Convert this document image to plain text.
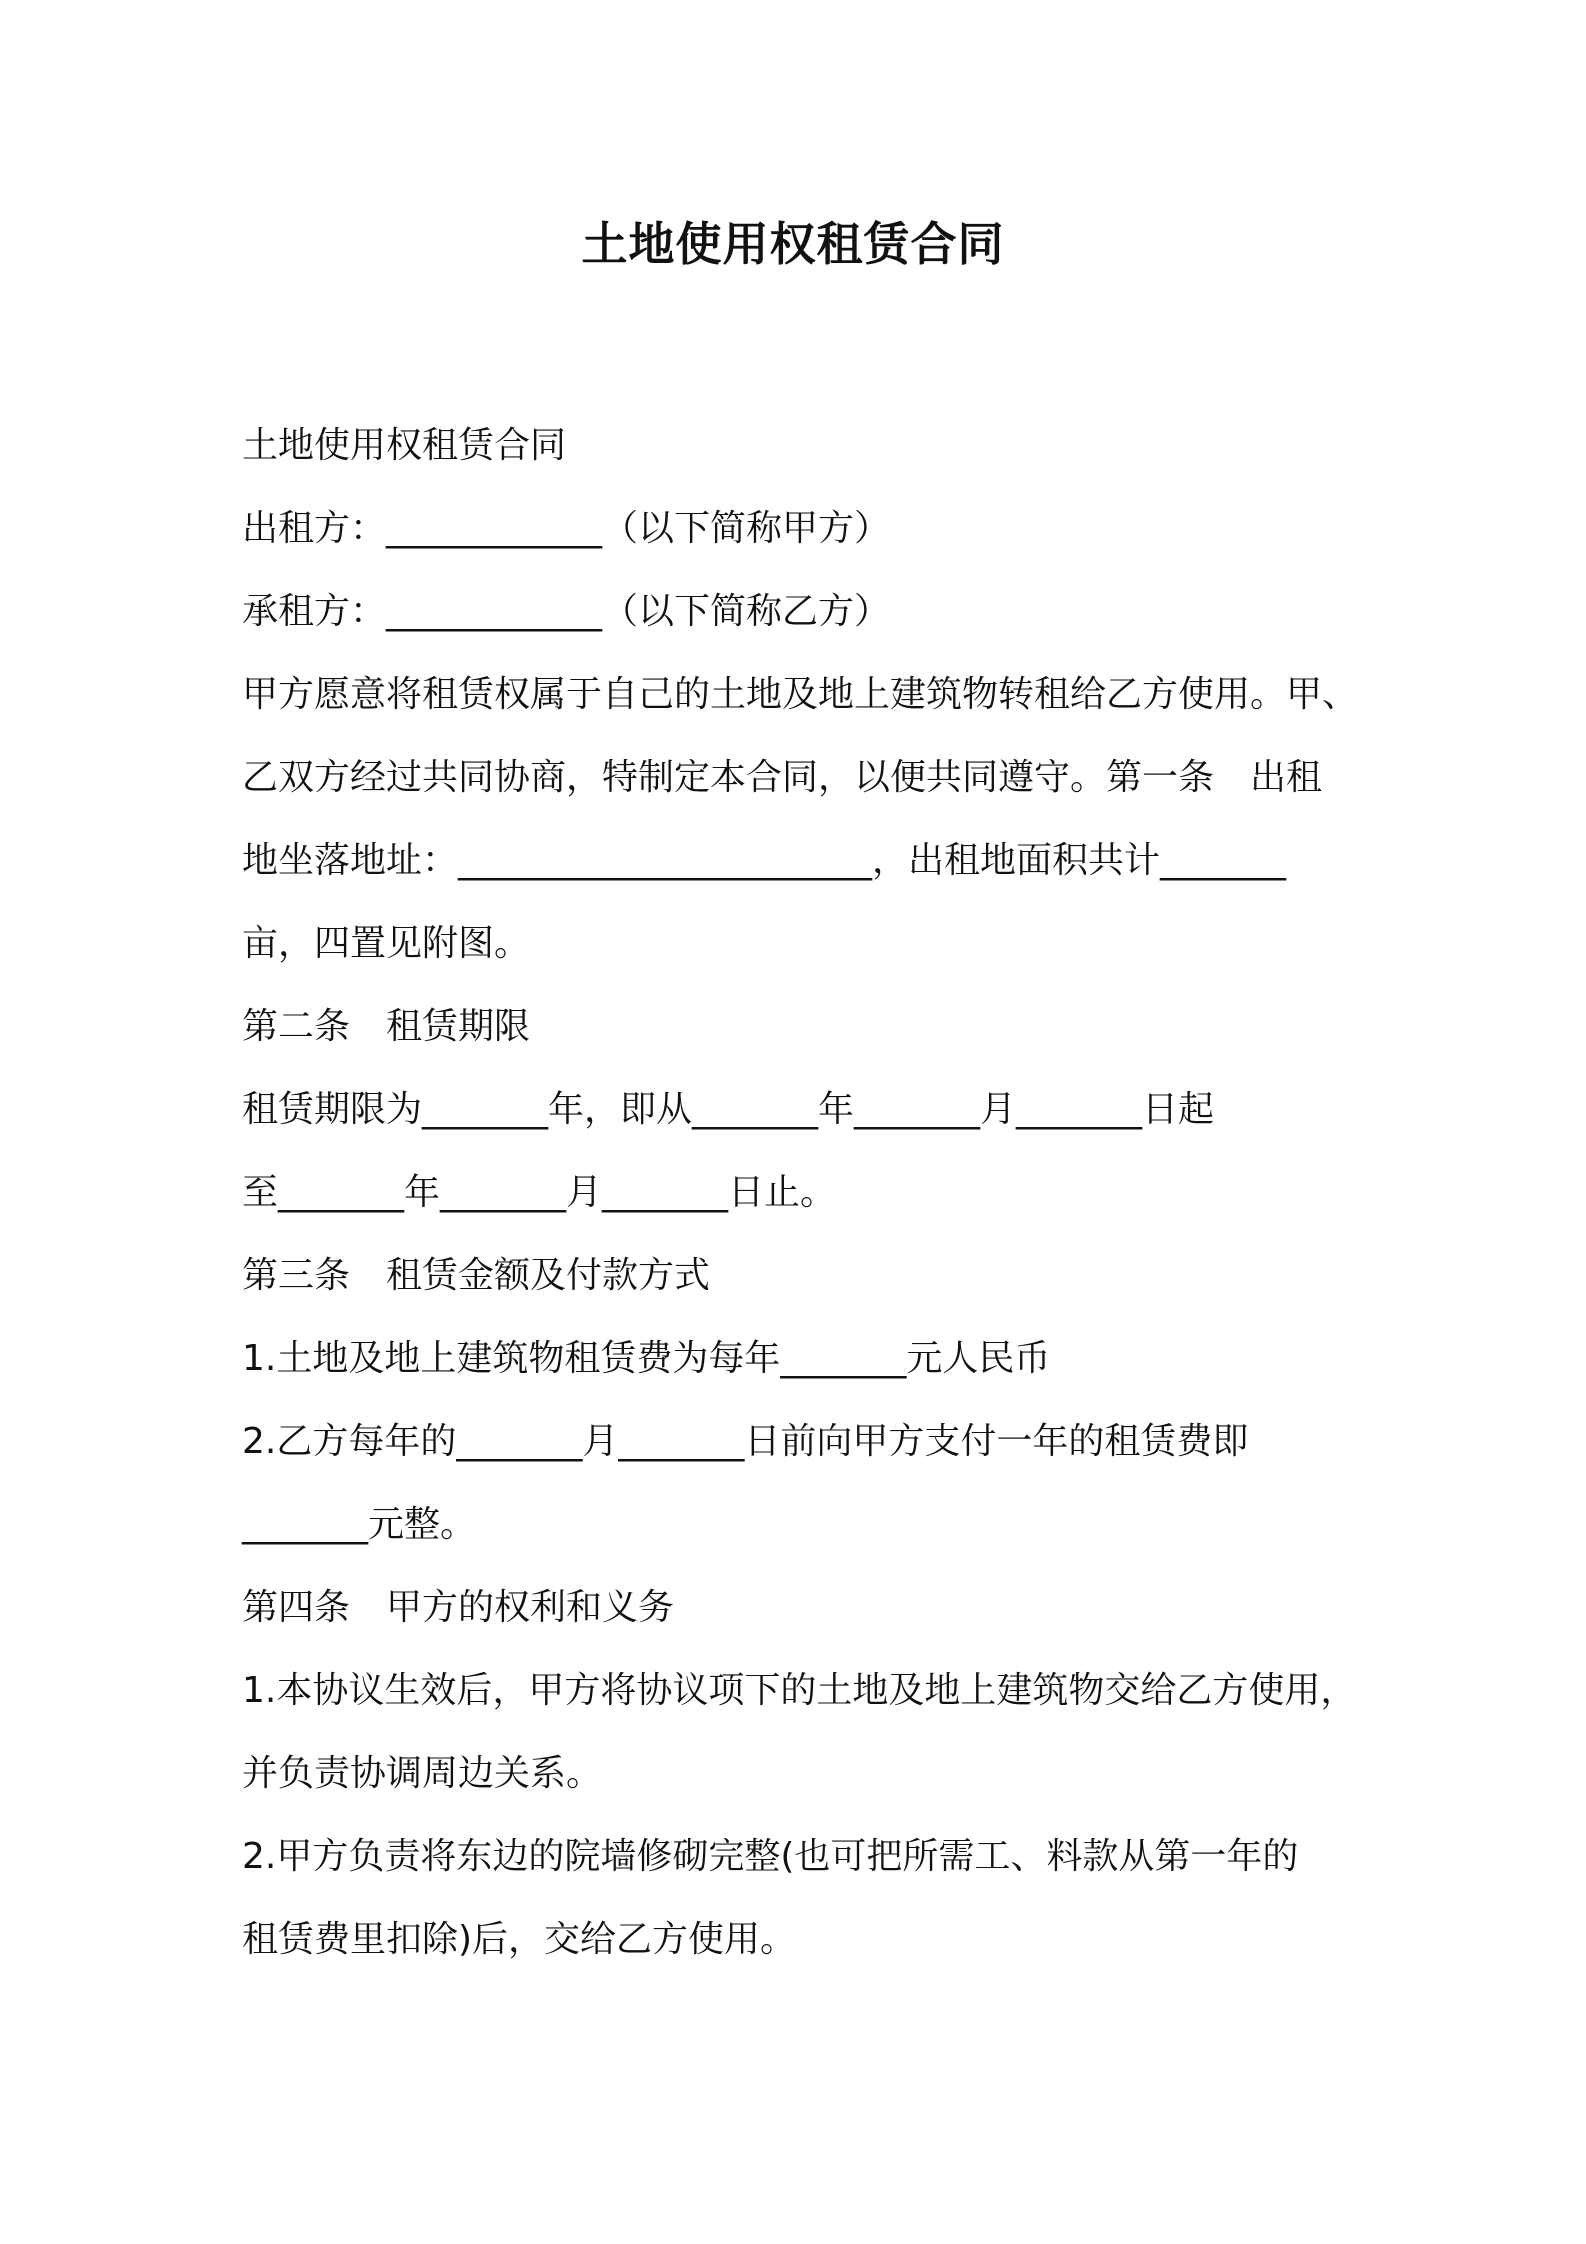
土地使用权租赁合同
土地使用权租赁合同
出租方：____________（以下简称甲方）
承租方：____________（以下简称乙方）
甲方愿意将租赁权属于自己的土地及地上建筑物转租给乙方使用。甲、
乙双方经过共同协商，特制定本合同，以便共同遵守。第一条　出租
地坐落地址：_______________________，出租地面积共计_______
亩，四置见附图。
第二条　租赁期限
租赁期限为_______年，即从_______年_______月_______日起
至_______年_______月_______日止。
第三条　租赁金额及付款方式
1.土地及地上建筑物租赁费为每年_______元人民币
2.乙方每年的_______月_______日前向甲方支付一年的租赁费即
_______元整。
第四条　甲方的权利和义务
1.本协议生效后，甲方将协议项下的土地及地上建筑物交给乙方使用，
并负责协调周边关系。
2.甲方负责将东边的院墙修砌完整(也可把所需工、料款从第一年的
租赁费里扣除)后，交给乙方使用。
